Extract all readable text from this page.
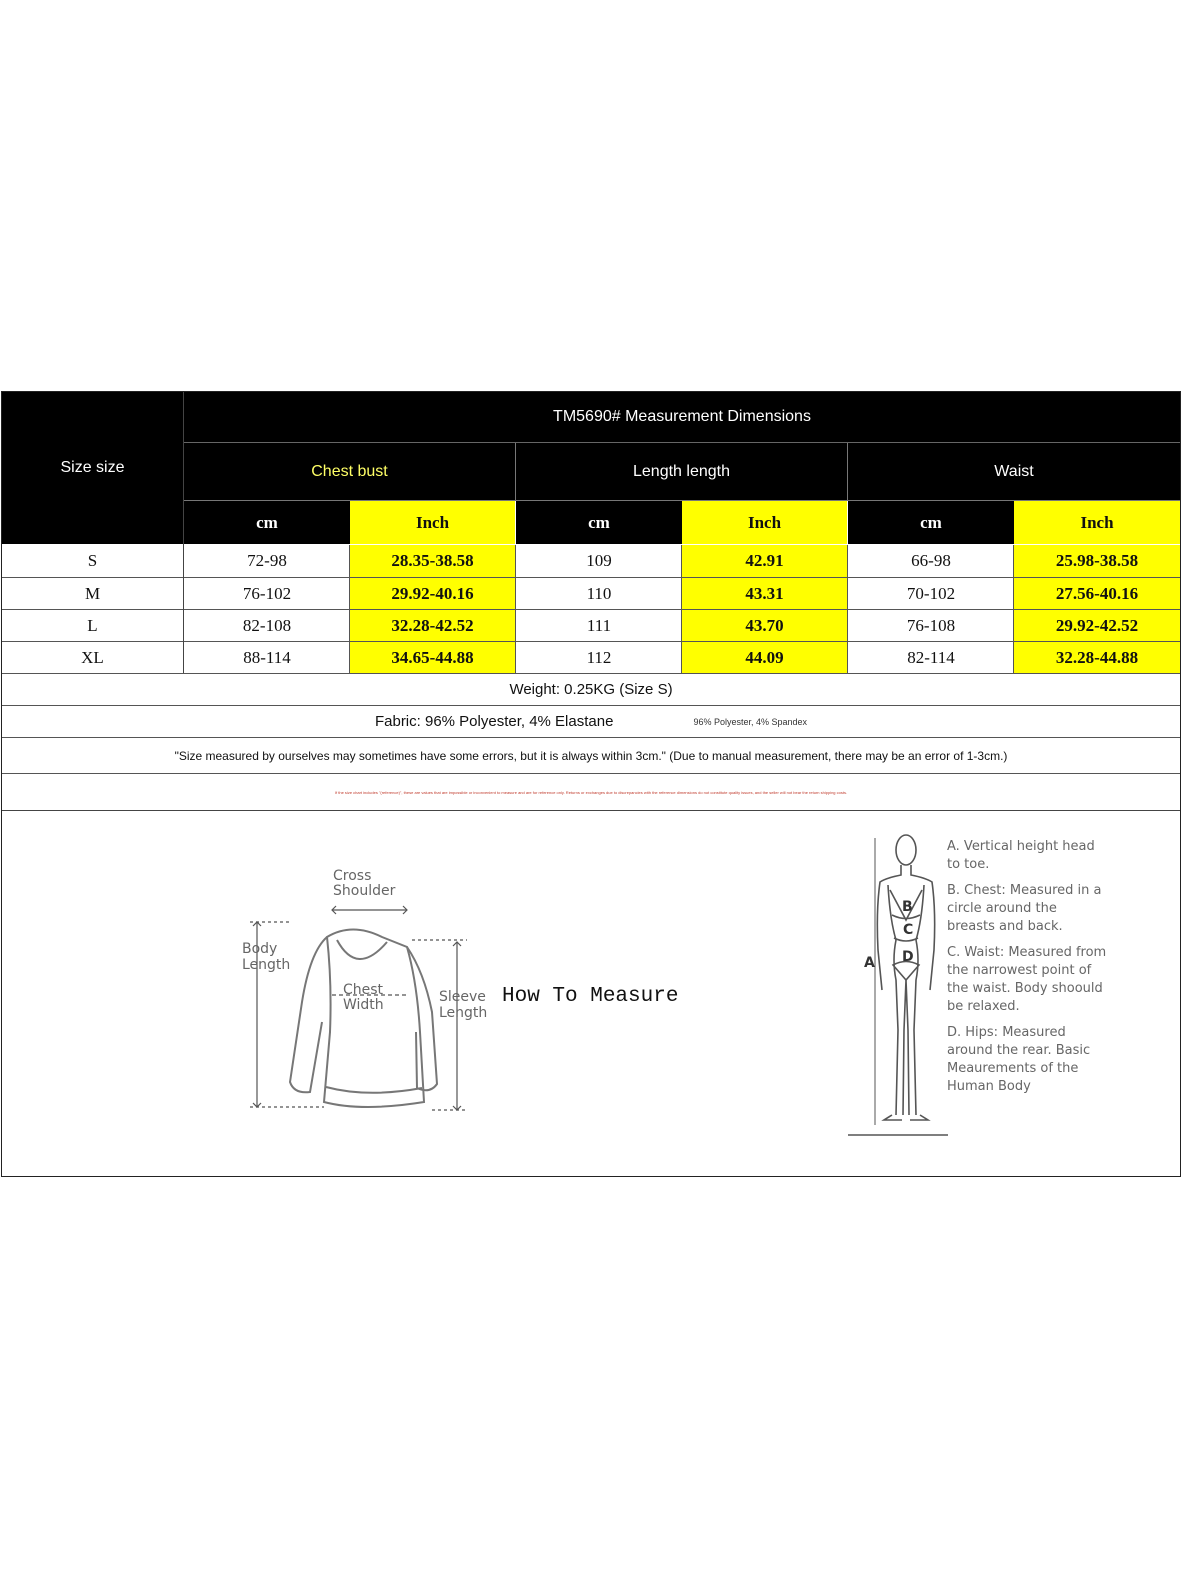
Size size
TM5690# Measurement Dimensions
Chest bust	Length length	Waist
cm	Inch	cm	Inch	cm	Inch
S	72-98	28.35-38.58	109	42.91	66-98	25.98-38.58
M	76-102	29.92-40.16	110	43.31	70-102	27.56-40.16
L	82-108	32.28-42.52	111	43.70	76-108	29.92-42.52
XL	88-114	34.65-44.88	112	44.09	82-114	32.28-44.88
Weight: 0.25KG (Size S)
Fabric: 96% Polyester, 4% Elastane	96% Polyester, 4% Spandex
"Size measured by ourselves may sometimes have some errors, but it is always within 3cm." (Due to manual measurement, there may be an error of 1-3cm.)
If the size chart includes "(reference)", these are values that are impossible or inconvenient to measure and are for reference only. Returns or exchanges due to discrepancies with the reference dimensions do not constitute quality issues, and the seller will not bear the return shipping costs.
Cross
Shoulder
Body
Length
Chest
Width	Sleeve
Length
How To Measure
A
B
C
D
A. Vertical height head to toe.
B. Chest: Measured in a circle around the breasts and back.
C. Waist: Measured from the narrowest point of the waist. Body shoould be relaxed.
D. Hips: Measured around the rear. Basic Meaurements of the Human Body
